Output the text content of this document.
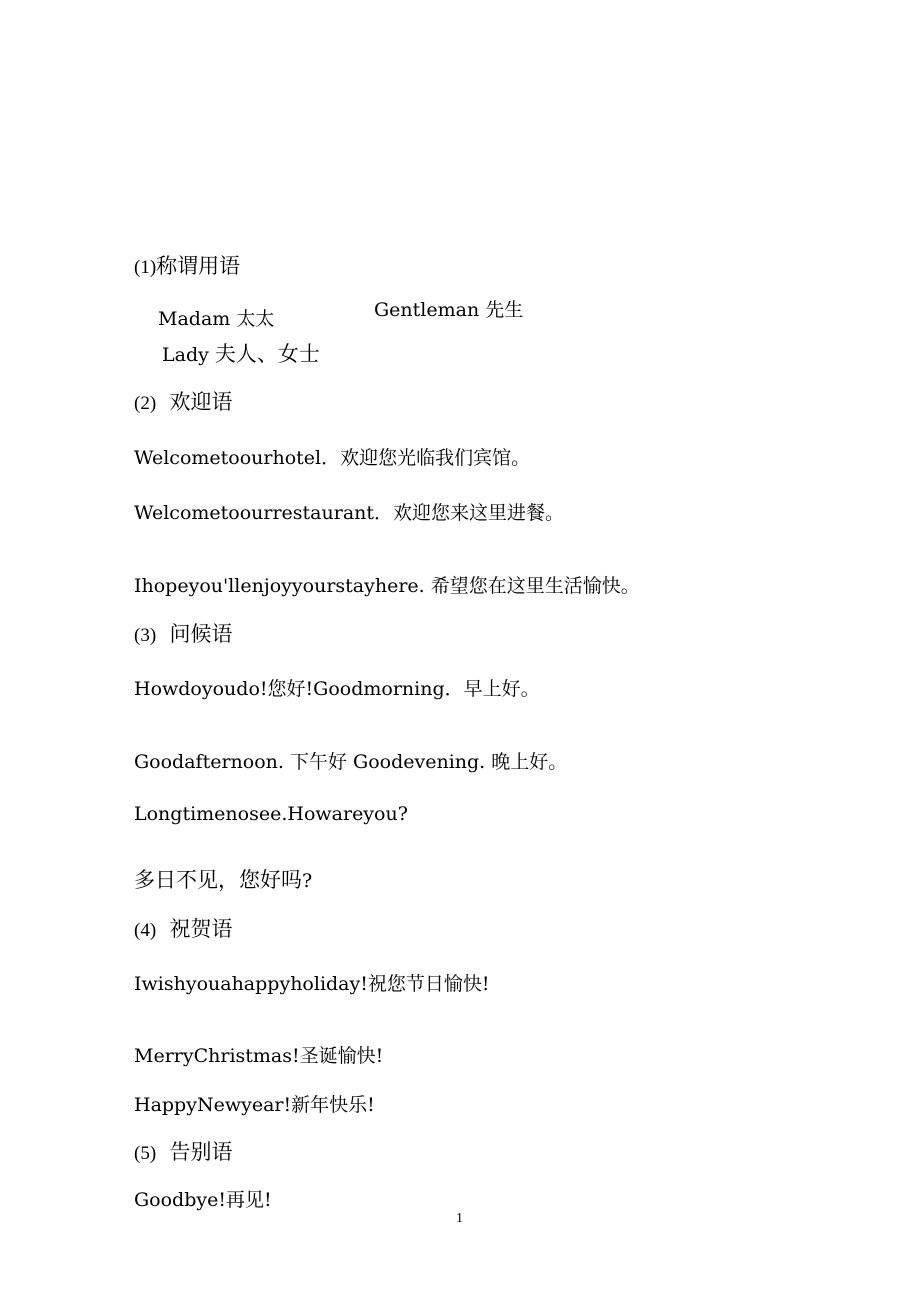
(1)称谓用语
Madam 太太	Gentleman 先生
Lady 夫人、女士
(2) 欢迎语
Welcometoourhotel．欢迎您光临我们宾馆。
Welcometoourrestaurant．欢迎您来这里进餐。
Ihopeyou'llenjoyyourstayhere. 希望您在这里生活愉快。
(3) 问候语
Howdoyoudo!您好!Goodmorning．早上好。
Goodafternoon. 下午好 Goodevening. 晚上好。
Longtimenosee.Howareyou?
多日不见，您好吗?
(4) 祝贺语
Iwishyouahappyholiday!祝您节日愉快!
MerryChristmas!圣诞愉快!
HappyNewyear!新年快乐!
(5) 告别语
Goodbye!再见!
1
